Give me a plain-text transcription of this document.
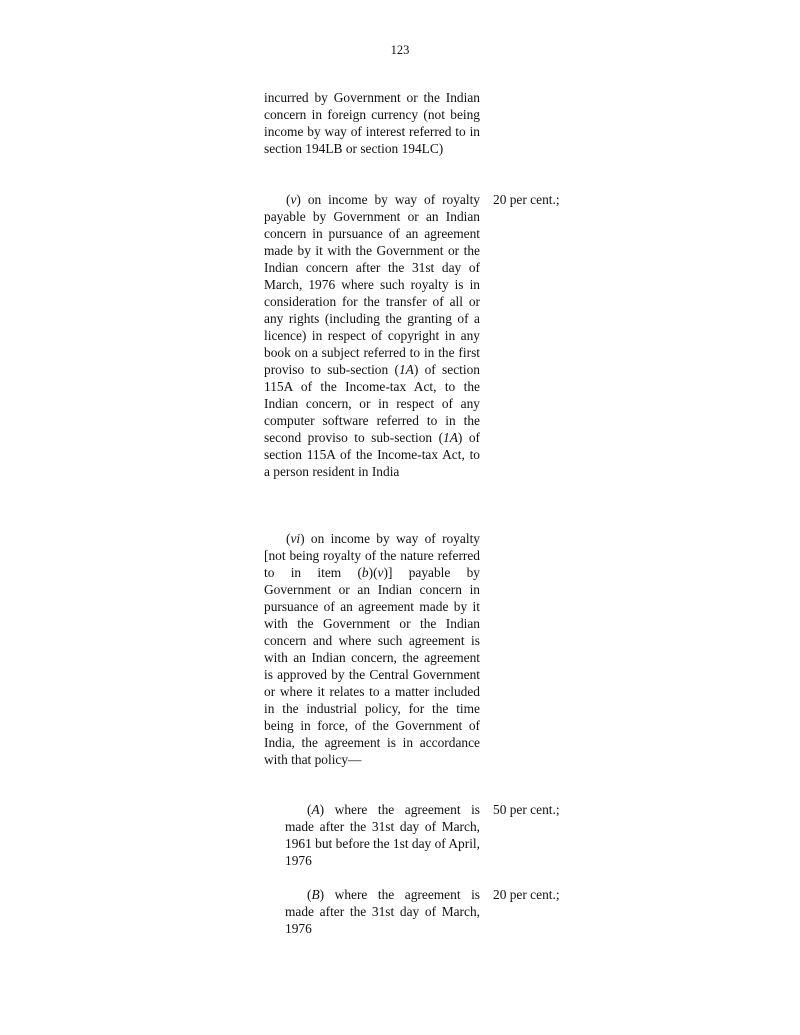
123

incurred by Government or the Indian concern in foreign currency (not being income by way of interest referred to in section 194LB or section 194LC)

(v) on income by way of royalty payable by Government or an Indian concern in pursuance of an agreement made by it with the Government or the Indian concern after the 31st day of March, 1976 where such royalty is in consideration for the transfer of all or any rights (including the granting of a licence) in respect of copyright in any book on a subject referred to in the first proviso to sub-section (1A) of section 115A of the Income-tax Act, to the Indian concern, or in respect of any computer software referred to in the second proviso to sub-section (1A) of section 115A of the Income-tax Act, to a person resident in India

20 per cent.;

(vi) on income by way of royalty [not being royalty of the nature referred to in item (b)(v)] payable by Government or an Indian concern in pursuance of an agreement made by it with the Government or the Indian concern and where such agreement is with an Indian concern, the agreement is approved by the Central Government or where it relates to a matter included in the industrial policy, for the time being in force, of the Government of India, the agreement is in accordance with that policy—

(A) where the agreement is made after the 31st day of March, 1961 but before the 1st day of April, 1976

50 per cent.;

(B) where the agreement is made after the 31st day of March, 1976

20 per cent.;
